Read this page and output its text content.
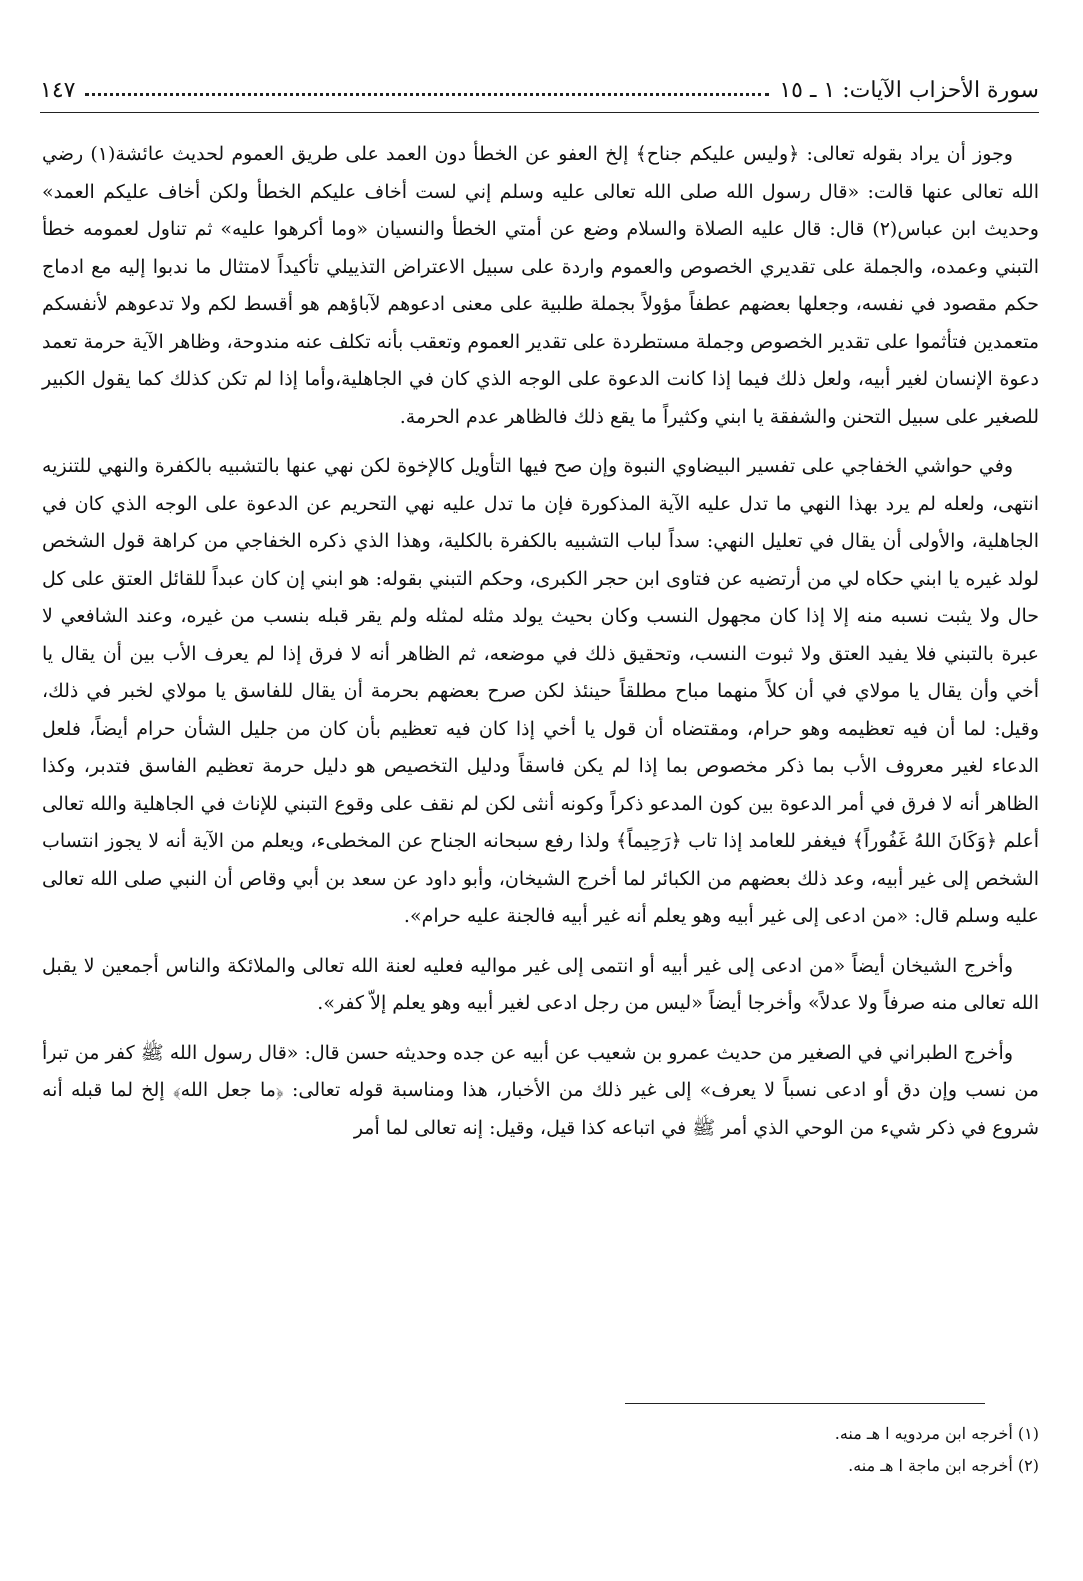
سورة الأحزاب الآيات: ١ ـ ١٥
١٤٧

وجوز أن يراد بقوله تعالى: ﴿وليس عليكم جناح﴾ إلخ العفو عن الخطأ دون العمد على طريق العموم لحديث عائشة(١) رضي الله تعالى عنها قالت: «قال رسول الله صلى الله تعالى عليه وسلم إني لست أخاف عليكم الخطأ ولكن أخاف عليكم العمد» وحديث ابن عباس(٢) قال: قال عليه الصلاة والسلام وضع عن أمتي الخطأ والنسيان «وما أكرهوا عليه» ثم تناول لعمومه خطأ التبني وعمده، والجملة على تقديري الخصوص والعموم واردة على سبيل الاعتراض التذييلي تأكيداً لامتثال ما ندبوا إليه مع ادماج حكم مقصود في نفسه، وجعلها بعضهم عطفاً مؤولاً بجملة طلبية على معنى ادعوهم لآباؤهم هو أقسط لكم ولا تدعوهم لأنفسكم متعمدين فتأثموا على تقدير الخصوص وجملة مستطردة على تقدير العموم وتعقب بأنه تكلف عنه مندوحة، وظاهر الآية حرمة تعمد دعوة الإنسان لغير أبيه، ولعل ذلك فيما إذا كانت الدعوة على الوجه الذي كان في الجاهلية،وأما إذا لم تكن كذلك كما يقول الكبير للصغير على سبيل التحنن والشفقة يا ابني وكثيراً ما يقع ذلك فالظاهر عدم الحرمة.

وفي حواشي الخفاجي على تفسير البيضاوي النبوة وإن صح فيها التأويل كالإخوة لكن نهي عنها بالتشبيه بالكفرة والنهي للتنزيه انتهى، ولعله لم يرد بهذا النهي ما تدل عليه الآية المذكورة فإن ما تدل عليه نهي التحريم عن الدعوة على الوجه الذي كان في الجاهلية، والأولى أن يقال في تعليل النهي: سداً لباب التشبيه بالكفرة بالكلية، وهذا الذي ذكره الخفاجي من كراهة قول الشخص لولد غيره يا ابني حكاه لي من أرتضيه عن فتاوى ابن حجر الكبرى، وحكم التبني بقوله: هو ابني إن كان عبداً للقائل العتق على كل حال ولا يثبت نسبه منه إلا إذا كان مجهول النسب وكان بحيث يولد مثله لمثله ولم يقر قبله بنسب من غيره، وعند الشافعي لا عبرة بالتبني فلا يفيد العتق ولا ثبوت النسب، وتحقيق ذلك في موضعه، ثم الظاهر أنه لا فرق إذا لم يعرف الأب بين أن يقال يا أخي وأن يقال يا مولاي في أن كلاً منهما مباح مطلقاً حينئذ لكن صرح بعضهم بحرمة أن يقال للفاسق يا مولاي لخبر في ذلك، وقيل: لما أن فيه تعظيمه وهو حرام، ومقتضاه أن قول يا أخي إذا كان فيه تعظيم بأن كان من جليل الشأن حرام أيضاً، فلعل الدعاء لغير معروف الأب بما ذكر مخصوص بما إذا لم يكن فاسقاً ودليل التخصيص هو دليل حرمة تعظيم الفاسق فتدبر، وكذا الظاهر أنه لا فرق في أمر الدعوة بين كون المدعو ذكراً وكونه أنثى لكن لم نقف على وقوع التبني للإناث في الجاهلية والله تعالى أعلم ﴿وَكَانَ اللهُ غَفُوراً﴾ فيغفر للعامد إذا تاب ﴿رَحِيماً﴾ ولذا رفع سبحانه الجناح عن المخطىء، ويعلم من الآية أنه لا يجوز انتساب الشخص إلى غير أبيه، وعد ذلك بعضهم من الكبائر لما أخرج الشيخان، وأبو داود عن سعد بن أبي وقاص أن النبي صلى الله تعالى عليه وسلم قال: «من ادعى إلى غير أبيه وهو يعلم أنه غير أبيه فالجنة عليه حرام».

وأخرج الشيخان أيضاً «من ادعى إلى غير أبيه أو انتمى إلى غير مواليه فعليه لعنة الله تعالى والملائكة والناس أجمعين لا يقبل الله تعالى منه صرفاً ولا عدلاً» وأخرجا أيضاً «ليس من رجل ادعى لغير أبيه وهو يعلم إلاّ كفر».

وأخرج الطبراني في الصغير من حديث عمرو بن شعيب عن أبيه عن جده وحديثه حسن قال: «قال رسول الله ﷺ كفر من تبرأ من نسب وإن دق أو ادعى نسباً لا يعرف» إلى غير ذلك من الأخبار، هذا ومناسبة قوله تعالى: ﴿ما جعل الله﴾ إلخ لما قبله أنه شروع في ذكر شيء من الوحي الذي أمر ﷺ في اتباعه كذا قيل، وقيل: إنه تعالى لما أمر

(١) أخرجه ابن مردويه ا هـ منه.
(٢) أخرجه ابن ماجة ا هـ منه.
